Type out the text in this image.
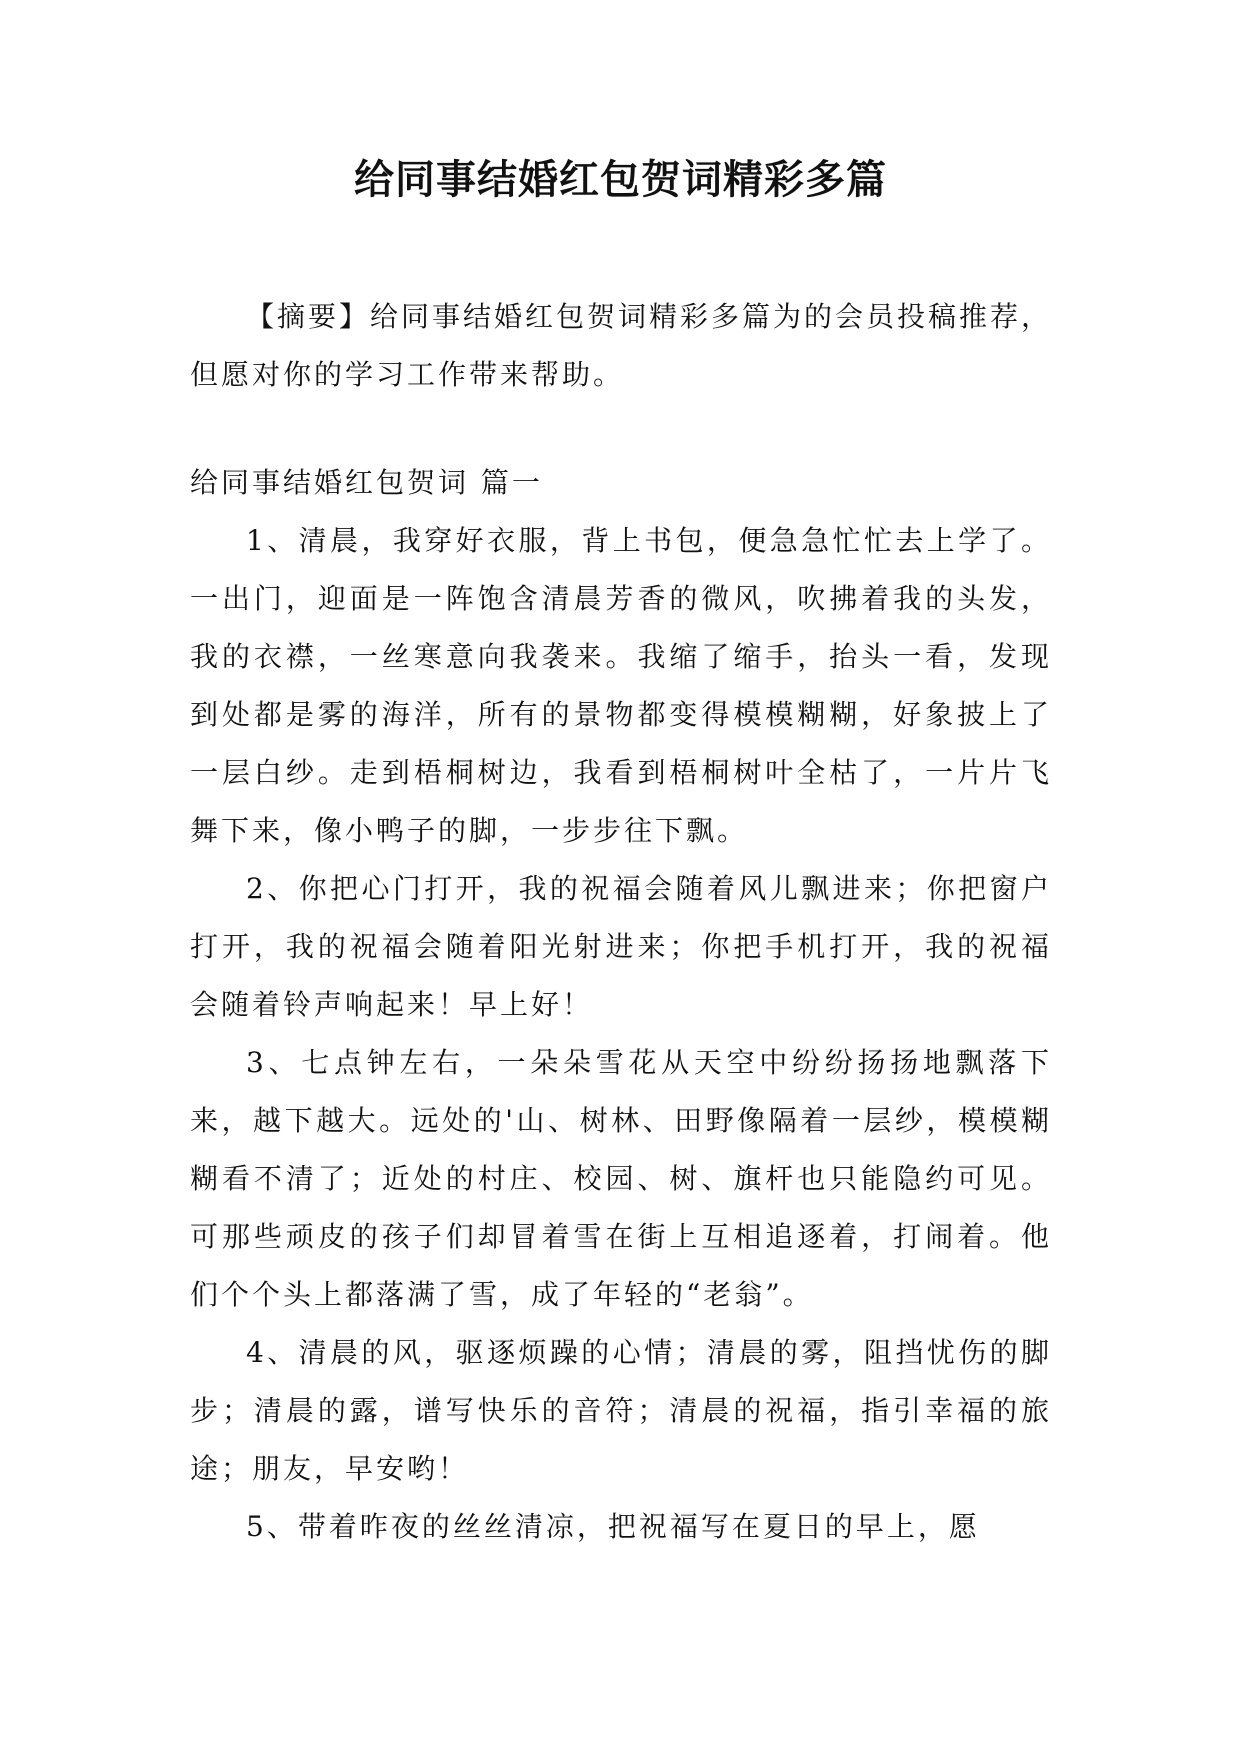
给同事结婚红包贺词精彩多篇

【摘要】给同事结婚红包贺词精彩多篇为的会员投稿推荐，但愿对你的学习工作带来帮助。

给同事结婚红包贺词 篇一

1、清晨，我穿好衣服，背上书包，便急急忙忙去上学了。一出门，迎面是一阵饱含清晨芳香的微风，吹拂着我的头发，我的衣襟，一丝寒意向我袭来。我缩了缩手，抬头一看，发现到处都是雾的海洋，所有的景物都变得模模糊糊，好象披上了一层白纱。走到梧桐树边，我看到梧桐树叶全枯了，一片片飞舞下来，像小鸭子的脚，一步步往下飘。

2、你把心门打开，我的祝福会随着风儿飘进来；你把窗户打开，我的祝福会随着阳光射进来；你把手机打开，我的祝福会随着铃声响起来！早上好！

3、七点钟左右，一朵朵雪花从天空中纷纷扬扬地飘落下来，越下越大。远处的'山、树林、田野像隔着一层纱，模模糊糊看不清了；近处的村庄、校园、树、旗杆也只能隐约可见。可那些顽皮的孩子们却冒着雪在街上互相追逐着，打闹着。他们个个头上都落满了雪，成了年轻的“老翁”。

4、清晨的风，驱逐烦躁的心情；清晨的雾，阻挡忧伤的脚步；清晨的露，谱写快乐的音符；清晨的祝福，指引幸福的旅途；朋友，早安哟！

5、带着昨夜的丝丝清凉，把祝福写在夏日的早上，愿
